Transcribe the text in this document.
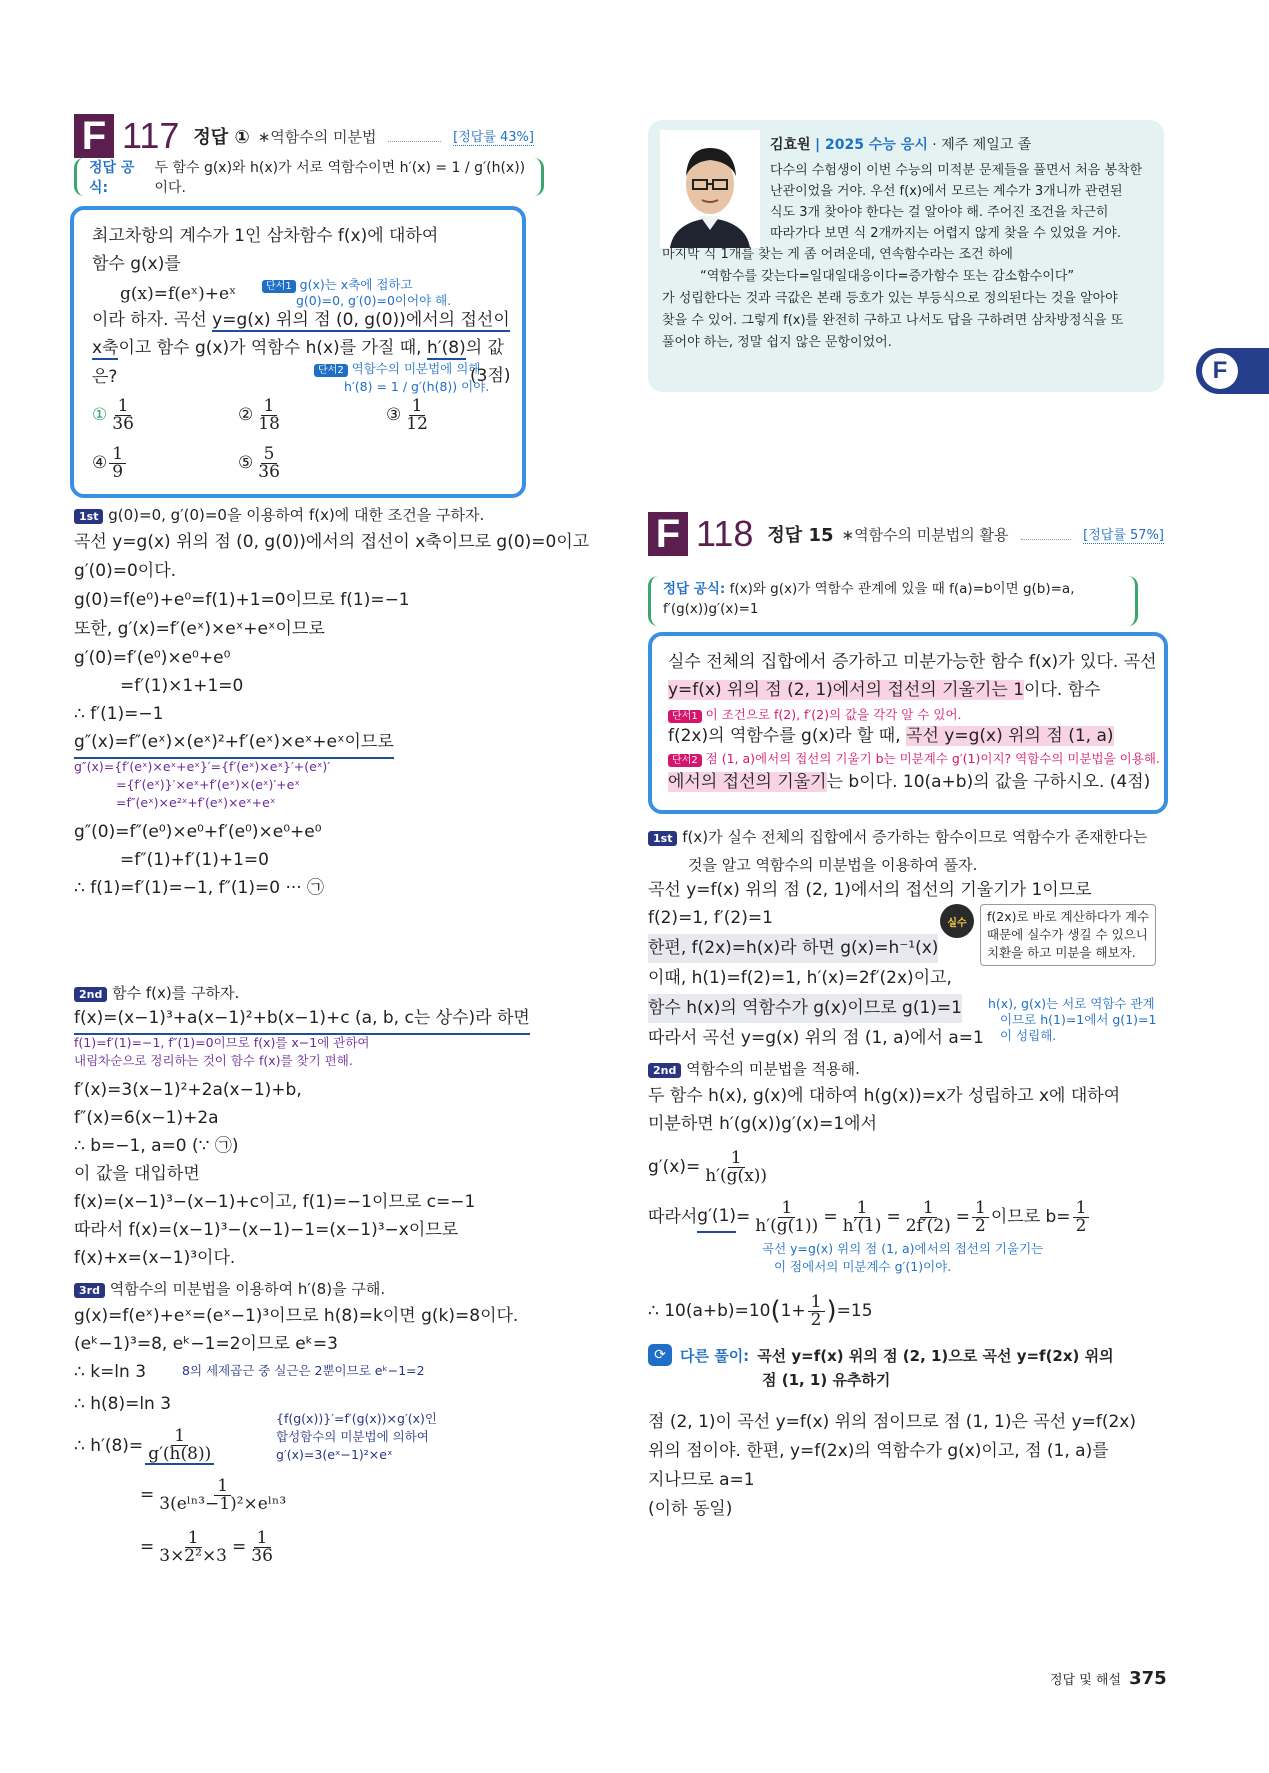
F 117 정답 ① ∗역함수의 미분법	[정답률 43%]
정답 공식:
두 함수 g(x)와 h(x)가 서로 역함수이면 h′(x) = 1 / g′(h(x)) 이다.
최고차항의 계수가 1인 삼차함수 f(x)에 대하여
함수 g(x)를
g(x)=f(eˣ)+eˣ	단서1 g(x)는 x축에 접하고
g(0)=0, g′(0)=0이어야 해.
이라 하자. 곡선 y=g(x) 위의 점 (0, g(0))에서의 접선이
x축이고 함수 g(x)가 역함수 h(x)를 가질 때, h′(8)의 값은?	단서2 역함수의 미분법에 의해
h′(8) = 1 / g′(h(8)) 이야.
(3점)
① $\frac{1}{36}$	② $\frac{1}{18}$	③ $\frac{1}{12}$
④ $\frac{1}{9}$	⑤ $\frac{5}{36}$
1st g(0)=0, g′(0)=0을 이용하여 f(x)에 대한 조건을 구하자.
곡선 y=g(x) 위의 점 (0, g(0))에서의 접선이 x축이므로 g(0)=0이고
g′(0)=0이다.
g(0)=f(e⁰)+e⁰=f(1)+1=0이므로 f(1)=−1
또한, g′(x)=f′(eˣ)×eˣ+eˣ이므로
g′(0)=f′(e⁰)×e⁰+e⁰
=f′(1)×1+1=0
∴ f′(1)=−1
g″(x)=f″(eˣ)×(eˣ)²+f′(eˣ)×eˣ+eˣ이므로
g″(x)={f′(eˣ)×eˣ+eˣ}′={f′(eˣ)×eˣ}′+(eˣ)′
={f′(eˣ)}′×eˣ+f′(eˣ)×(eˣ)′+eˣ
=f″(eˣ)×e²ˣ+f′(eˣ)×eˣ+eˣ
g″(0)=f″(e⁰)×e⁰+f′(e⁰)×e⁰+e⁰
=f″(1)+f′(1)+1=0
∴ f(1)=f′(1)=−1, f″(1)=0 ··· ㉠
2nd 함수 f(x)를 구하자.
f(x)=(x−1)³+a(x−1)²+b(x−1)+c (a, b, c는 상수)라 하면
f(1)=f′(1)=−1, f″(1)=0이므로 f(x)를 x−1에 관하여
내림차순으로 정리하는 것이 함수 f(x)를 찾기 편해.
f′(x)=3(x−1)²+2a(x−1)+b,
f″(x)=6(x−1)+2a
∴ b=−1, a=0 (∵ ㉠)
이 값을 대입하면
f(x)=(x−1)³−(x−1)+c이고, f(1)=−1이므로 c=−1
따라서 f(x)=(x−1)³−(x−1)−1=(x−1)³−x이므로
f(x)+x=(x−1)³이다.
3rd 역함수의 미분법을 이용하여 h′(8)을 구해.
g(x)=f(eˣ)+eˣ=(eˣ−1)³이므로 h(8)=k이면 g(k)=8이다.
(eᵏ−1)³=8, eᵏ−1=2이므로 eᵏ=3
∴ k=ln 3	8의 세제곱근 중 실근은 2뿐이므로 eᵏ−1=2
∴ h(8)=ln 3
∴ $h'(8)= \frac{1}{g'(h(8))}$
{f(g(x))}′=f′(g(x))×g′(x)인
합성함수의 미분법에 의하여
g′(x)=3(eˣ−1)²×eˣ
= $\frac{1}{\text{3(eˡⁿ³−1)²×eˡⁿ³}}$
= $\frac{1}{\text{3×2²×3}} = \frac{1}{36}$
김효원 | 2025 수능 응시 · 제주 제일고 졸
다수의 수험생이 이번 수능의 미적분 문제들을 풀면서 처음 봉착한
난관이었을 거야. 우선 f(x)에서 모르는 계수가 3개니까 관련된
식도 3개 찾아야 한다는 걸 알아야 해. 주어진 조건을 차근히
따라가다 보면 식 2개까지는 어렵지 않게 찾을 수 있었을 거야.
마지막 식 1개를 찾는 게 좀 어려운데, 연속함수라는 조건 하에
“역함수를 갖는다=일대일대응이다=증가함수 또는 감소함수이다”
가 성립한다는 것과 극값은 본래 등호가 있는 부등식으로 정의된다는 것을 알아야
찾을 수 있어. 그렇게 f(x)를 완전히 구하고 나서도 답을 구하려면 삼차방정식을 또
풀어야 하는, 정말 쉽지 않은 문항이었어.
F
F 118 정답 15 ∗역함수의 미분법의 활용	[정답률 57%]
정답 공식: f(x)와 g(x)가 역함수 관계에 있을 때 f(a)=b이면 g(b)=a,
f′(g(x))g′(x)=1
실수 전체의 집합에서 증가하고 미분가능한 함수 f(x)가 있다. 곡선
y=f(x) 위의 점 (2, 1)에서의 접선의 기울기는 1이다. 함수
단서1 이 조건으로 f(2), f′(2)의 값을 각각 알 수 있어.
f(2x)의 역함수를 g(x)라 할 때, 곡선 y=g(x) 위의 점 (1, a)
단서2 점 (1, a)에서의 접선의 기울기 b는 미분계수 g′(1)이지? 역함수의 미분법을 이용해.
에서의 접선의 기울기는 b이다. 10(a+b)의 값을 구하시오. (4점)
1st f(x)가 실수 전체의 집합에서 증가하는 함수이므로 역함수가 존재한다는
것을 알고 역함수의 미분법을 이용하여 풀자.
곡선 y=f(x) 위의 점 (2, 1)에서의 접선의 기울기가 1이므로
f(2)=1, f′(2)=1
한편, f(2x)=h(x)라 하면 g(x)=h⁻¹(x)
이때, h(1)=f(2)=1, h′(x)=2f′(2x)이고,
함수 h(x)의 역함수가 g(x)이므로 g(1)=1
따라서 곡선 y=g(x) 위의 점 (1, a)에서 a=1
실수 f(2x)로 바로 계산하다가 계수
때문에 실수가 생길 수 있으니
치환을 하고 미분을 해보자.
h(x), g(x)는 서로 역함수 관계
이므로 h(1)=1에서 g(1)=1
이 성립해.
2nd 역함수의 미분법을 적용해.
두 함수 h(x), g(x)에 대하여 h(g(x))=x가 성립하고 x에 대하여
미분하면 h′(g(x))g′(x)=1에서
$g'(x)= \frac{1}{h'(g(x))}$
따라서 $g'(1) = \frac{1}{h'(g(1))} = \frac{1}{h'(1)} = \frac{1}{2f'(2)} = \frac{1}{2}$ 이므로 $b= \frac{1}{2}$
곡선 y=g(x) 위의 점 (1, a)에서의 접선의 기울기는
이 점에서의 미분계수 g′(1)이야.
∴ 10(a+b)=10 ( $1+ \frac{1}{2}$ ) =15
⟳ 다른 풀이: 곡선 y=f(x) 위의 점 (2, 1)으로 곡선 y=f(2x) 위의
점 (1, 1) 유추하기
점 (2, 1)이 곡선 y=f(x) 위의 점이므로 점 (1, 1)은 곡선 y=f(2x)
위의 점이야. 한편, y=f(2x)의 역함수가 g(x)이고, 점 (1, a)를
지나므로 a=1
(이하 동일)
정답 및 해설 375
